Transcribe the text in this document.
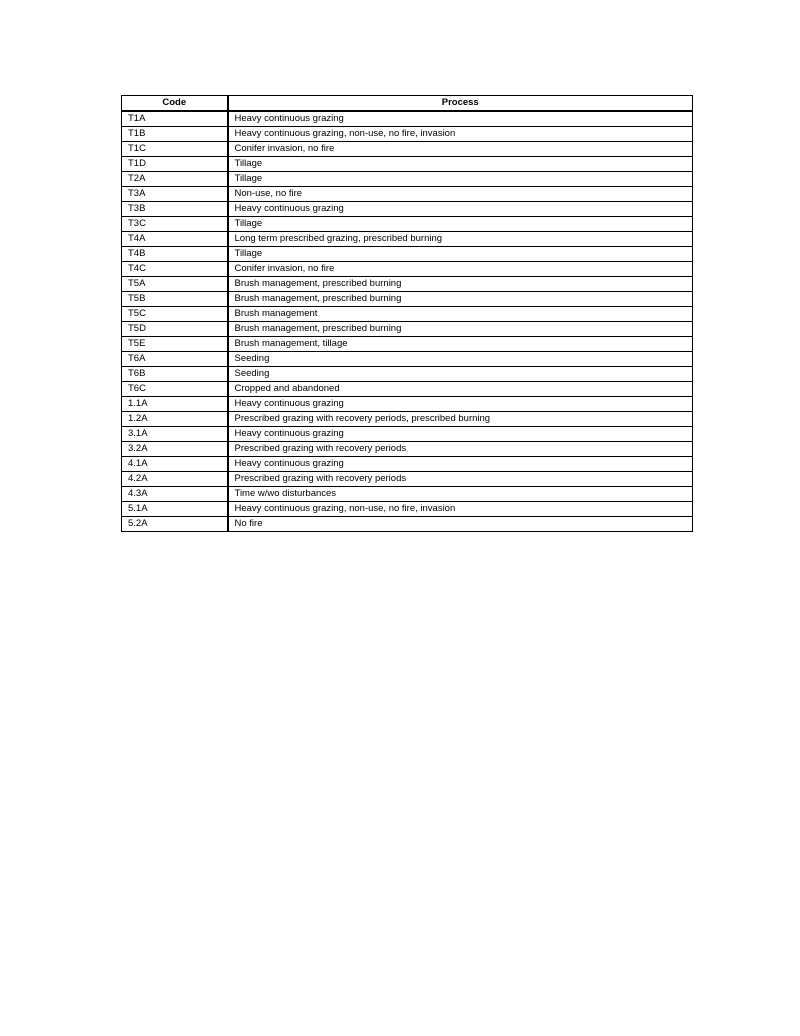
Code	Process
T1A	Heavy continuous grazing
T1B	Heavy continuous grazing, non-use, no fire, invasion
T1C	Conifer invasion, no fire
T1D	Tillage
T2A	Tillage
T3A	Non-use, no fire
T3B	Heavy continuous grazing
T3C	Tillage
T4A	Long term prescribed grazing, prescribed burning
T4B	Tillage
T4C	Conifer invasion, no fire
T5A	Brush management, prescribed burning
T5B	Brush management, prescribed burning
T5C	Brush management
T5D	Brush management, prescribed burning
T5E	Brush management, tillage
T6A	Seeding
T6B	Seeding
T6C	Cropped and abandoned
1.1A	Heavy continuous grazing
1.2A	Prescribed grazing with recovery periods, prescribed burning
3.1A	Heavy continuous grazing
3.2A	Prescribed grazing with recovery periods
4.1A	Heavy continuous grazing
4.2A	Prescribed grazing with recovery periods
4.3A	Time w/wo disturbances
5.1A	Heavy continuous grazing, non-use, no fire, invasion
5.2A	No fire
